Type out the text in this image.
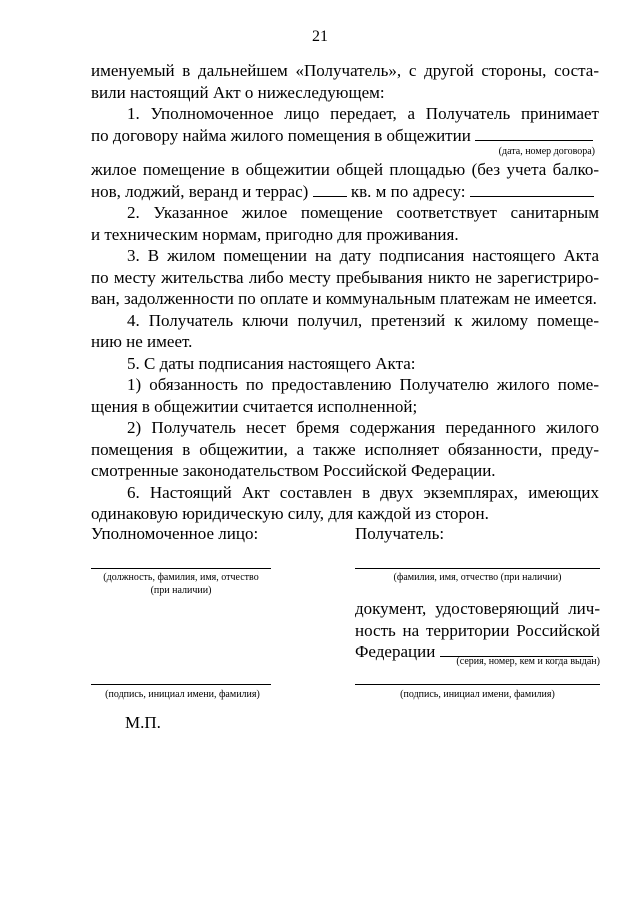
21
именуемый в дальнейшем «Получатель», с другой стороны, соста-
вили настоящий Акт о нижеследующем:
1. Уполномоченное лицо передает, а Получатель принимает
по договору найма жилого помещения в общежитии
(дата, номер договора)
жилое помещение в общежитии общей площадью (без учета балко-
нов, лоджий, веранд и террас)	кв. м по адресу:
2. Указанное жилое помещение соответствует санитарным
и техническим нормам, пригодно для проживания.
3. В жилом помещении на дату подписания настоящего Акта
по месту жительства либо месту пребывания никто не зарегистриро-
ван, задолженности по оплате и коммунальным платежам не имеется.
4. Получатель ключи получил, претензий к жилому помеще-
нию не имеет.
5. С даты подписания настоящего Акта:
1) обязанность по предоставлению Получателю жилого поме-
щения в общежитии считается исполненной;
2) Получатель несет бремя содержания переданного жилого
помещения в общежитии, а также исполняет обязанности, преду-
смотренные законодательством Российской Федерации.
6. Настоящий Акт составлен в двух экземплярах, имеющих
одинаковую юридическую силу, для каждой из сторон.
Уполномоченное лицо:	Получатель:
(должность, фамилия, имя, отчество
(при наличии)
(фамилия, имя, отчество (при наличии)
документ, удостоверяющий лич-
ность на территории Российской
Федерации
(серия, номер, кем и когда выдан)
(подпись, инициал имени, фамилия)	(подпись, инициал имени, фамилия)
М.П.
